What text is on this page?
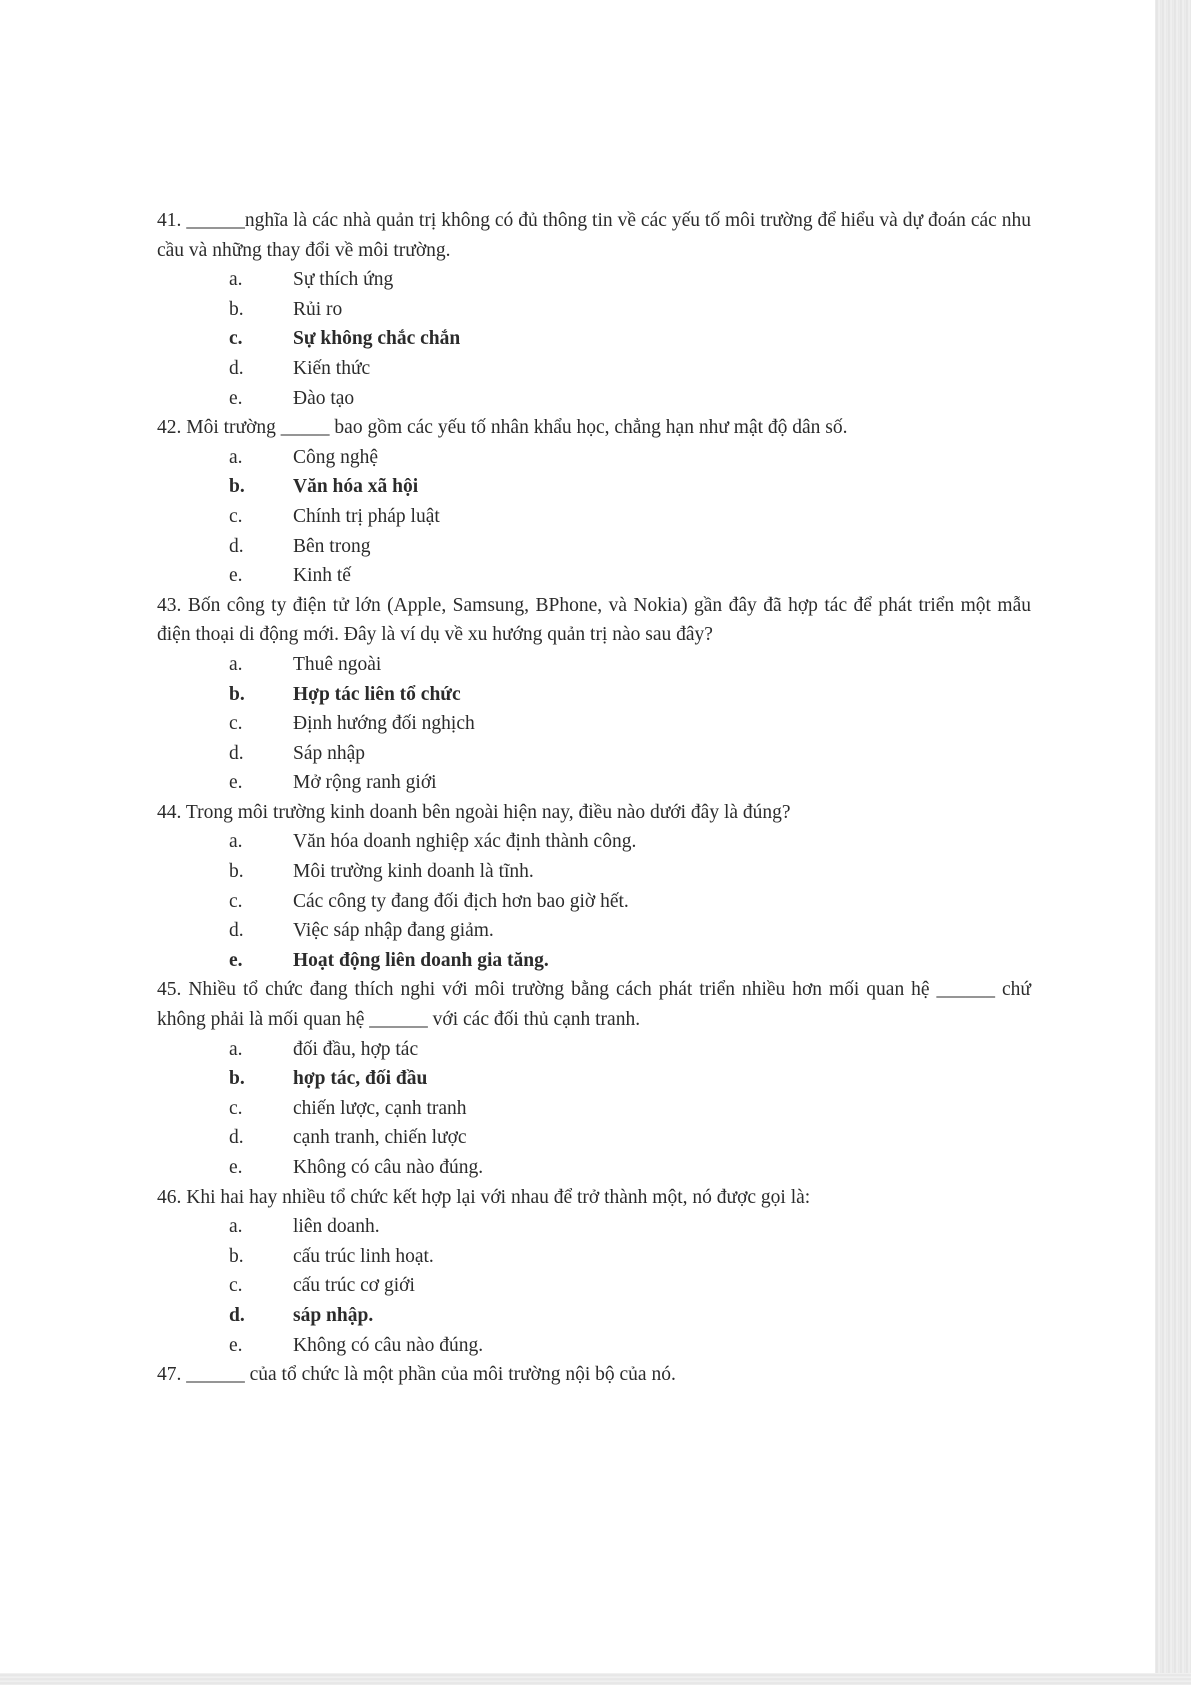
41. ______nghĩa là các nhà quản trị không có đủ thông tin về các yếu tố môi trường để hiểu và dự đoán các nhu cầu và những thay đổi về môi trường.
a.	Sự thích ứng
b.	Rủi ro
c.	Sự không chắc chắn
d.	Kiến thức
e.	Đào tạo
42. Môi trường _____ bao gồm các yếu tố nhân khẩu học, chẳng hạn như mật độ dân số.
a.	Công nghệ
b.	Văn hóa xã hội
c.	Chính trị pháp luật
d.	Bên trong
e.	Kinh tế
43. Bốn công ty điện tử lớn (Apple, Samsung, BPhone, và Nokia) gần đây đã hợp tác để phát triển một mẫu điện thoại di động mới. Đây là ví dụ về xu hướng quản trị nào sau đây?
a.	Thuê ngoài
b.	Hợp tác liên tổ chức
c.	Định hướng đối nghịch
d.	Sáp nhập
e.	Mở rộng ranh giới
44. Trong môi trường kinh doanh bên ngoài hiện nay, điều nào dưới đây là đúng?
a.	Văn hóa doanh nghiệp xác định thành công.
b.	Môi trường kinh doanh là tĩnh.
c.	Các công ty đang đối địch hơn bao giờ hết.
d.	Việc sáp nhập đang giảm.
e.	Hoạt động liên doanh gia tăng.
45. Nhiều tổ chức đang thích nghi với môi trường bằng cách phát triển nhiều hơn mối quan hệ ______ chứ không phải là mối quan hệ ______ với các đối thủ cạnh tranh.
a.	đối đầu, hợp tác
b.	hợp tác, đối đầu
c.	chiến lược, cạnh tranh
d.	cạnh tranh, chiến lược
e.	Không có câu nào đúng.
46. Khi hai hay nhiều tổ chức kết hợp lại với nhau để trở thành một, nó được gọi là:
a.	liên doanh.
b.	cấu trúc linh hoạt.
c.	cấu trúc cơ giới
d.	sáp nhập.
e.	Không có câu nào đúng.
47. ______ của tổ chức là một phần của môi trường nội bộ của nó.
